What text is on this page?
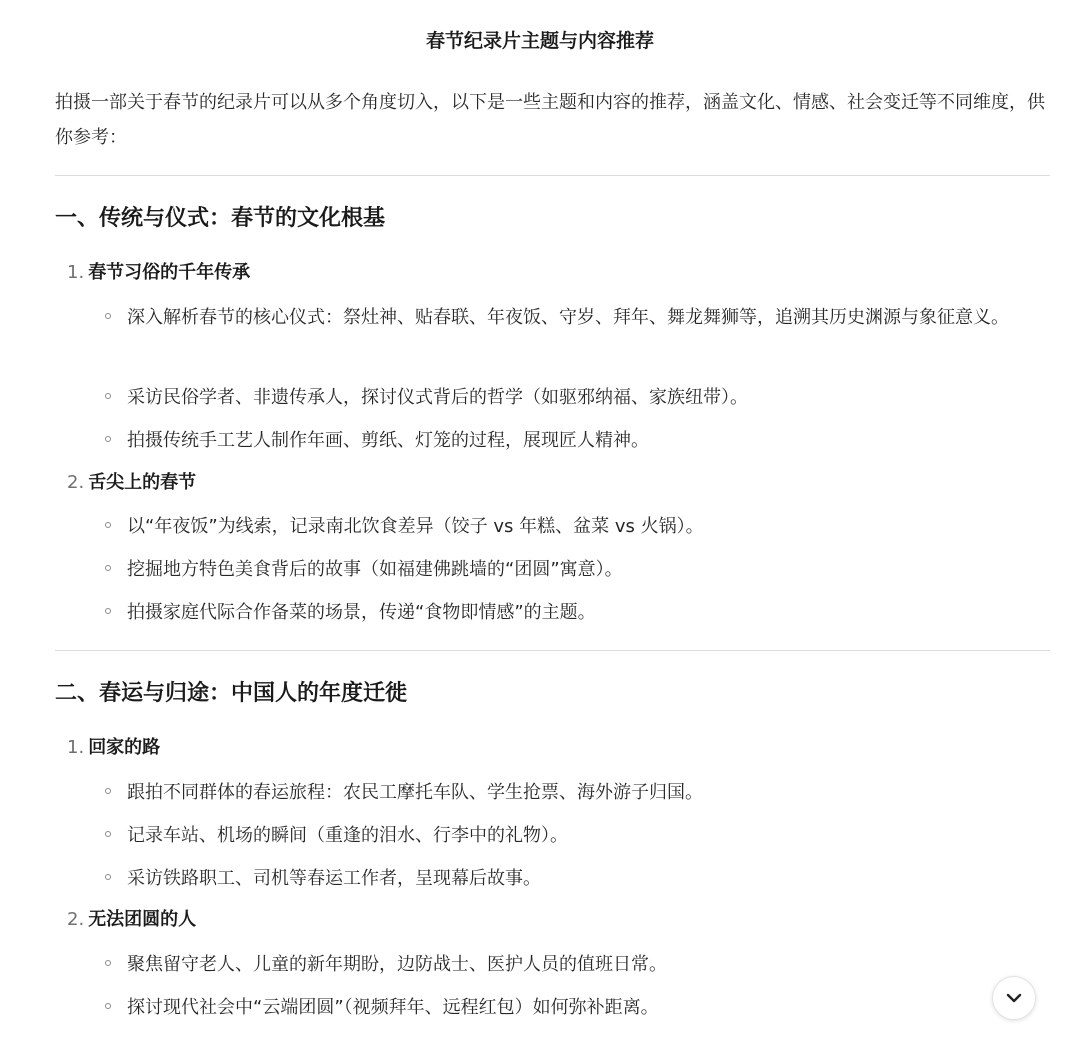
春节纪录片主题与内容推荐

拍摄一部关于春节的纪录片可以从多个角度切入，以下是一些主题和内容的推荐，涵盖文化、情感、社会变迁等不同维度，供你参考：

一、传统与仪式：春节的文化根基

1. 春节习俗的千年传承

深入解析春节的核心仪式：祭灶神、贴春联、年夜饭、守岁、拜年、舞龙舞狮等，追溯其历史渊源与象征意义。

采访民俗学者、非遗传承人，探讨仪式背后的哲学（如驱邪纳福、家族纽带）。

拍摄传统手工艺人制作年画、剪纸、灯笼的过程，展现匠人精神。

2. 舌尖上的春节

以“年夜饭”为线索，记录南北饮食差异（饺子 vs 年糕、盆菜 vs 火锅）。

挖掘地方特色美食背后的故事（如福建佛跳墙的“团圆”寓意）。

拍摄家庭代际合作备菜的场景，传递“食物即情感”的主题。

二、春运与归途：中国人的年度迁徙

1. 回家的路

跟拍不同群体的春运旅程：农民工摩托车队、学生抢票、海外游子归国。

记录车站、机场的瞬间（重逢的泪水、行李中的礼物）。

采访铁路职工、司机等春运工作者，呈现幕后故事。

2. 无法团圆的人

聚焦留守老人、儿童的新年期盼，边防战士、医护人员的值班日常。

探讨现代社会中“云端团圆”（视频拜年、远程红包）如何弥补距离。
